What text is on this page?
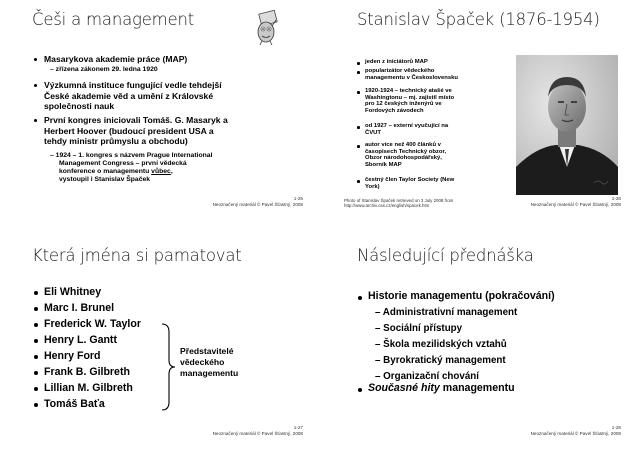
Češi a management
Masarykova akademie práce (MAP)
– zřízena zákonem 29. ledna 1920
Výzkumná instituce fungující vedle tehdejší
České akademie věd a umění z Královské
společnosti nauk
První kongres iniciovali Tomáš. G. Masaryk a
Herbert Hoover (budoucí president USA a
tehdy ministr průmyslu a obchodu)
– 1924 – 1. kongres s názvem Prague International
Management Congress – první vědecká
konference o managementu vůbec,
vystoupil i Stanislav Špaček
1-25
Neoznačený materiál © Pavel Šťastný, 2008
Stanislav Špaček (1876-1954)
jeden z iniciátorů MAP
popularizátor vědeckého
managementu v Československu
1920-1924 – technický atašé ve
Washingtonu – mj. zajistil místo
pro 12 českých inženýrů ve
Fordových závodech
od 1927 – externí vyučující na
ČVUT
autor více než 400 článků v
časopisech Technický obzor,
Obzor národohospodářský,
Sborník MAP
čestný člen Taylor Society (New
York)
Photo of Stanislav Špaček retrieved on 3 July 2008 from http://www.archiv.cas.cz/english/spacek.htm
1-26
Neoznačený materiál © Pavel Šťastný, 2008
Která jména si pamatovat
Eli Whitney
Marc I. Brunel
Frederick W. Taylor
Henry L. Gantt
Henry Ford
Frank B. Gilbreth
Lillian M. Gilbreth
Tomáš Baťa
Představitelé
vědeckého
managementu
1-27
Neoznačený materiál © Pavel Šťastný, 2008
Následující přednáška
Historie managementu (pokračování)
– Administrativní management
– Sociální přístupy
– Škola mezilidských vztahů
– Byrokratický management
– Organizační chování
Současné hity managementu
1-28
Neoznačený materiál © Pavel Šťastný, 2008
